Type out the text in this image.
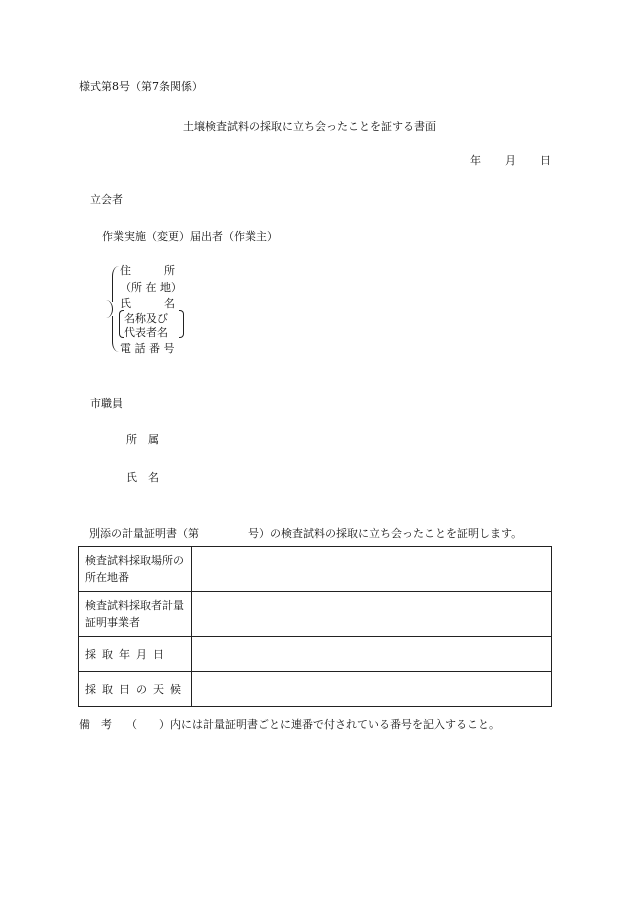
様式第8号（第7条関係）
土壌検査試料の採取に立ち会ったことを証する書面
年 月 日
立会者
作業実施（変更）届出者（作業主）
住　　　所
（所 在 地）
氏　　　名
名称及び
代表者名
電 話 番 号
市職員
所　属
氏　名
別添の計量証明書（第	号）の検査試料の採取に立ち会ったことを証明します。
検査試料採取場所の所在地番	
検査試料採取者計量証明事業者	
採取年月日	
採取日の天候	
備　考 （　　）内には計量証明書ごとに連番で付されている番号を記入すること。
